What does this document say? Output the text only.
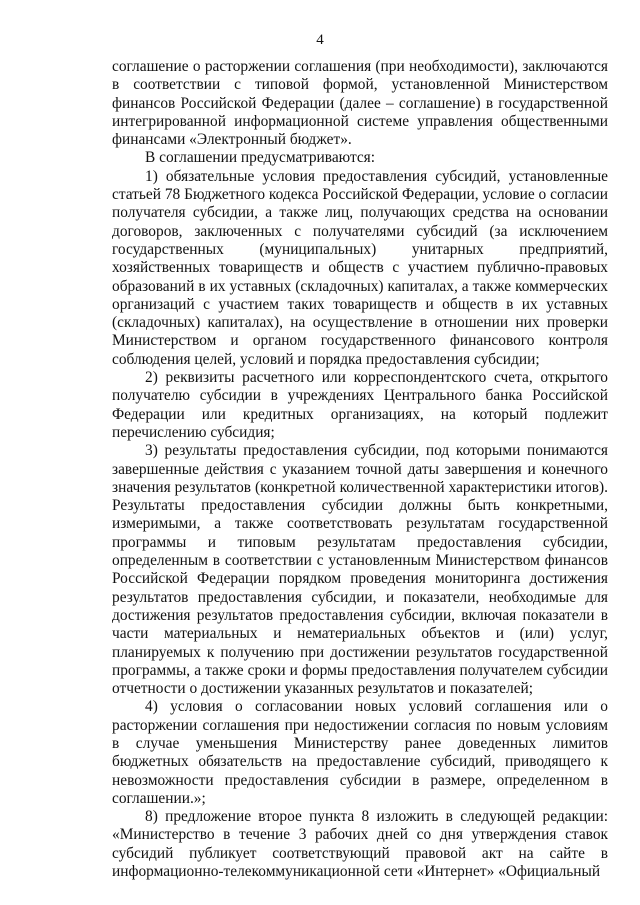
4

соглашение о расторжении соглашения (при необходимости), заключаются в соответствии с типовой формой, установленной Министерством финансов Российской Федерации (далее – соглашение) в государственной интегрированной информационной системе управления общественными финансами «Электронный бюджет».

В соглашении предусматриваются:

1) обязательные условия предоставления субсидий, установленные статьей 78 Бюджетного кодекса Российской Федерации, условие о согласии получателя субсидии, а также лиц, получающих средства на основании договоров, заключенных с получателями субсидий (за исключением государственных (муниципальных) унитарных предприятий, хозяйственных товариществ и обществ с участием публично-правовых образований в их уставных (складочных) капиталах, а также коммерческих организаций с участием таких товариществ и обществ в их уставных (складочных) капиталах), на осуществление в отношении них проверки Министерством и органом государственного финансового контроля соблюдения целей, условий и порядка предоставления субсидии;

2) реквизиты расчетного или корреспондентского счета, открытого получателю субсидии в учреждениях Центрального банка Российской Федерации или кредитных организациях, на который подлежит перечислению субсидия;

3) результаты предоставления субсидии, под которыми понимаются завершенные действия с указанием точной даты завершения и конечного значения результатов (конкретной количественной характеристики итогов). Результаты предоставления субсидии должны быть конкретными, измеримыми, а также соответствовать результатам государственной программы и типовым результатам предоставления субсидии, определенным в соответствии с установленным Министерством финансов Российской Федерации порядком проведения мониторинга достижения результатов предоставления субсидии, и показатели, необходимые для достижения результатов предоставления субсидии, включая показатели в части материальных и нематериальных объектов и (или) услуг, планируемых к получению при достижении результатов государственной программы, а также сроки и формы предоставления получателем субсидии отчетности о достижении указанных результатов и показателей;

4) условия о согласовании новых условий соглашения или о расторжении соглашения при недостижении согласия по новым условиям в случае уменьшения Министерству ранее доведенных лимитов бюджетных обязательств на предоставление субсидий, приводящего к невозможности предоставления субсидии в размере, определенном в соглашении.»;

8) предложение второе пункта 8 изложить в следующей редакции: «Министерство в течение 3 рабочих дней со дня утверждения ставок субсидий публикует соответствующий правовой акт на сайте в информационно-телекоммуникационной сети «Интернет» «Официальный
